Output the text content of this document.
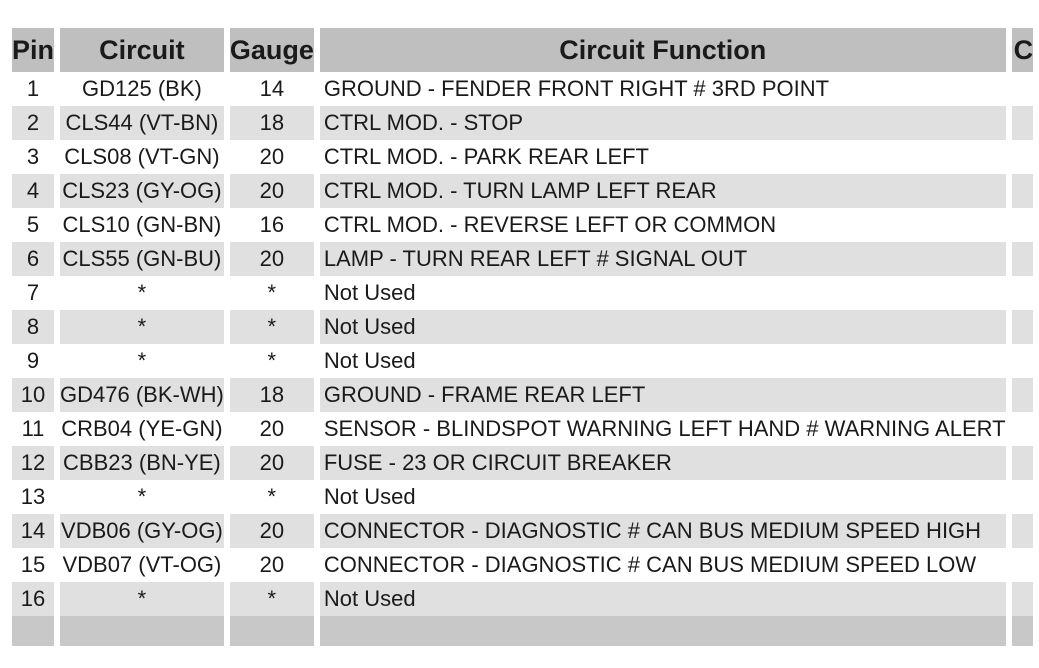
Pin	Circuit	Gauge	Circuit Function	C
1	GD125 (BK)	14	GROUND - FENDER FRONT RIGHT # 3RD POINT	
2	CLS44 (VT-BN)	18	CTRL MOD. - STOP	
3	CLS08 (VT-GN)	20	CTRL MOD. - PARK REAR LEFT	
4	CLS23 (GY-OG)	20	CTRL MOD. - TURN LAMP LEFT REAR	
5	CLS10 (GN-BN)	16	CTRL MOD. - REVERSE LEFT OR COMMON	
6	CLS55 (GN-BU)	20	LAMP - TURN REAR LEFT # SIGNAL OUT	
7	*	*	Not Used	
8	*	*	Not Used	
9	*	*	Not Used	
10	GD476 (BK-WH)	18	GROUND - FRAME REAR LEFT	
11	CRB04 (YE-GN)	20	SENSOR - BLINDSPOT WARNING LEFT HAND # WARNING ALERT	
12	CBB23 (BN-YE)	20	FUSE - 23 OR CIRCUIT BREAKER	
13	*	*	Not Used	
14	VDB06 (GY-OG)	20	CONNECTOR - DIAGNOSTIC # CAN BUS MEDIUM SPEED HIGH	
15	VDB07 (VT-OG)	20	CONNECTOR - DIAGNOSTIC # CAN BUS MEDIUM SPEED LOW	
16	*	*	Not Used	
